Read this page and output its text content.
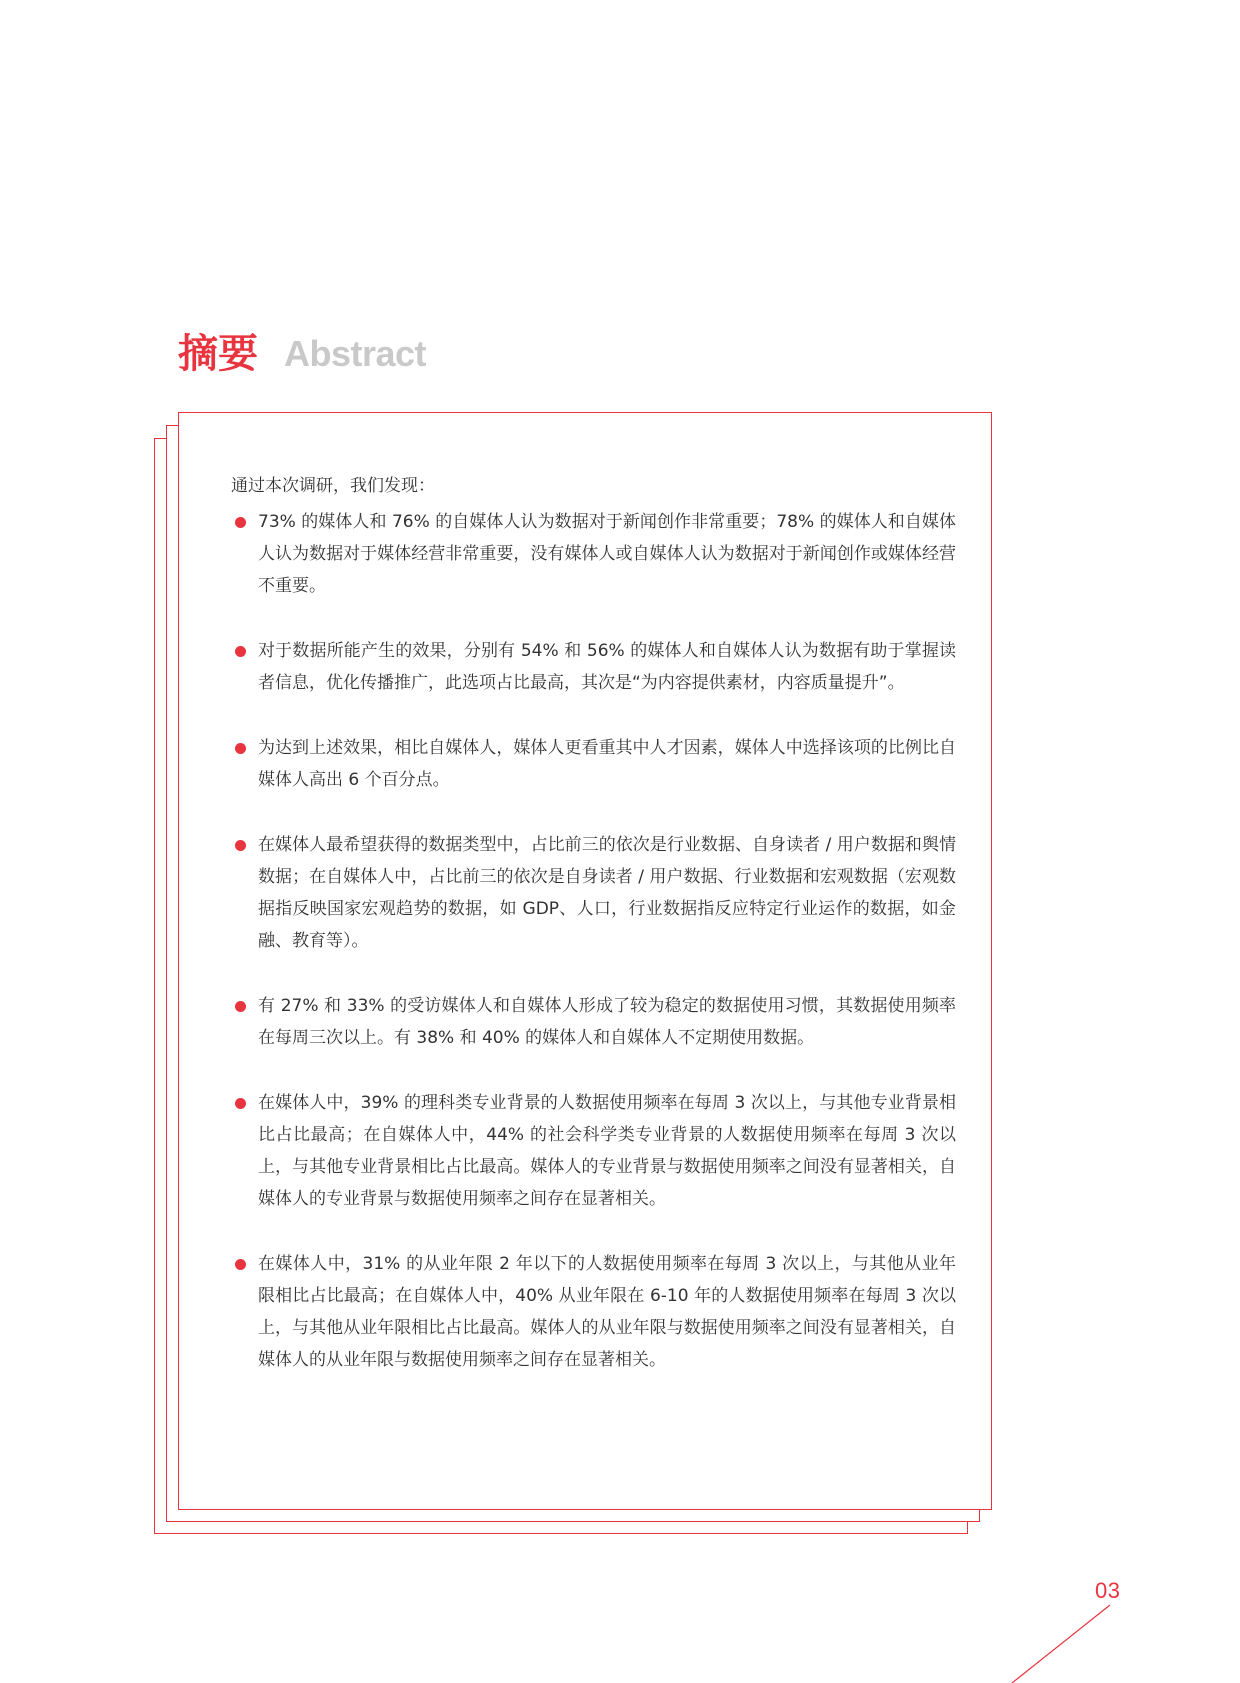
摘要 Abstract

通过本次调研，我们发现：

73% 的媒体人和 76% 的自媒体人认为数据对于新闻创作非常重要；78% 的媒体人和自媒体人认为数据对于媒体经营非常重要，没有媒体人或自媒体人认为数据对于新闻创作或媒体经营不重要。
对于数据所能产生的效果，分别有 54% 和 56% 的媒体人和自媒体人认为数据有助于掌握读者信息，优化传播推广，此选项占比最高，其次是“为内容提供素材，内容质量提升”。
为达到上述效果，相比自媒体人，媒体人更看重其中人才因素，媒体人中选择该项的比例比自媒体人高出 6 个百分点。
在媒体人最希望获得的数据类型中，占比前三的依次是行业数据、自身读者 / 用户数据和舆情数据；在自媒体人中，占比前三的依次是自身读者 / 用户数据、行业数据和宏观数据（宏观数据指反映国家宏观趋势的数据，如 GDP、人口，行业数据指反应特定行业运作的数据，如金融、教育等）。
有 27% 和 33% 的受访媒体人和自媒体人形成了较为稳定的数据使用习惯，其数据使用频率在每周三次以上。有 38% 和 40% 的媒体人和自媒体人不定期使用数据。
在媒体人中，39% 的理科类专业背景的人数据使用频率在每周 3 次以上，与其他专业背景相比占比最高；在自媒体人中，44% 的社会科学类专业背景的人数据使用频率在每周 3 次以上，与其他专业背景相比占比最高。媒体人的专业背景与数据使用频率之间没有显著相关，自媒体人的专业背景与数据使用频率之间存在显著相关。
在媒体人中，31% 的从业年限 2 年以下的人数据使用频率在每周 3 次以上，与其他从业年限相比占比最高；在自媒体人中，40% 从业年限在 6-10 年的人数据使用频率在每周 3 次以上，与其他从业年限相比占比最高。媒体人的从业年限与数据使用频率之间没有显著相关，自媒体人的从业年限与数据使用频率之间存在显著相关。
03
